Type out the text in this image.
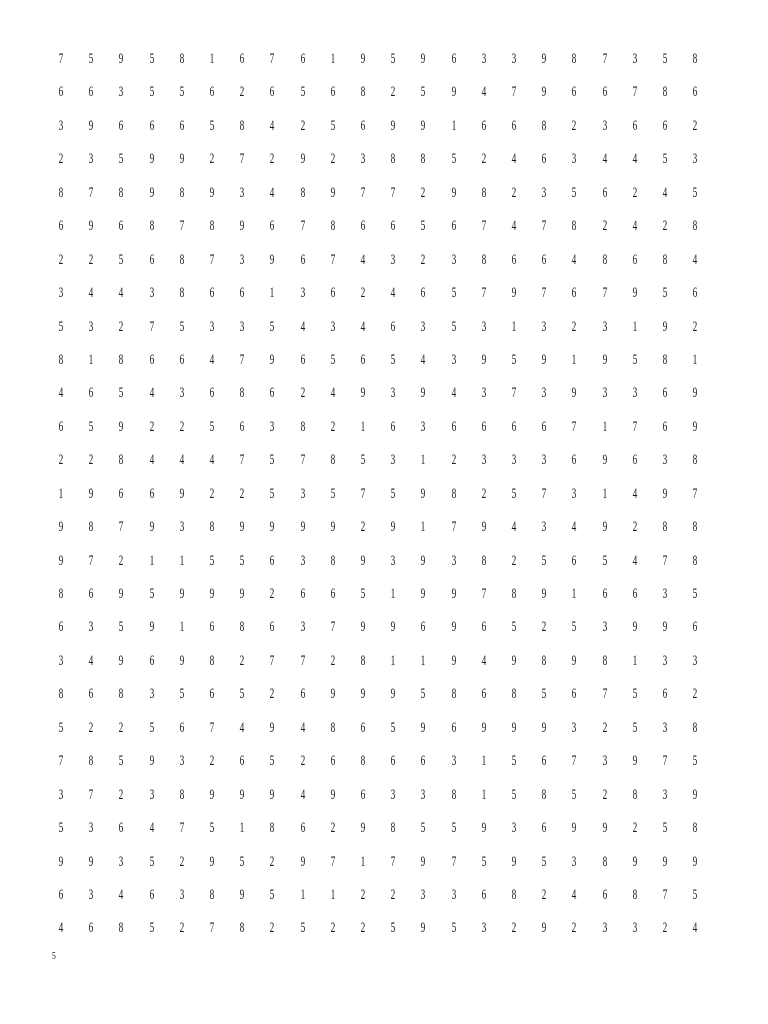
7	5	9	5	8	1	6	7	6	1	9	5	9	6	3	3	9	8	7	3	5	8
6	6	3	5	5	6	2	6	5	6	8	2	5	9	4	7	9	6	6	7	8	6
3	9	6	6	6	5	8	4	2	5	6	9	9	1	6	6	8	2	3	6	6	2
2	3	5	9	9	2	7	2	9	2	3	8	8	5	2	4	6	3	4	4	5	3
8	7	8	9	8	9	3	4	8	9	7	7	2	9	8	2	3	5	6	2	4	5
6	9	6	8	7	8	9	6	7	8	6	6	5	6	7	4	7	8	2	4	2	8
2	2	5	6	8	7	3	9	6	7	4	3	2	3	8	6	6	4	8	6	8	4
3	4	4	3	8	6	6	1	3	6	2	4	6	5	7	9	7	6	7	9	5	6
5	3	2	7	5	3	3	5	4	3	4	6	3	5	3	1	3	2	3	1	9	2
8	1	8	6	6	4	7	9	6	5	6	5	4	3	9	5	9	1	9	5	8	1
4	6	5	4	3	6	8	6	2	4	9	3	9	4	3	7	3	9	3	3	6	9
6	5	9	2	2	5	6	3	8	2	1	6	3	6	6	6	6	7	1	7	6	9
2	2	8	4	4	4	7	5	7	8	5	3	1	2	3	3	3	6	9	6	3	8
1	9	6	6	9	2	2	5	3	5	7	5	9	8	2	5	7	3	1	4	9	7
9	8	7	9	3	8	9	9	9	9	2	9	1	7	9	4	3	4	9	2	8	8
9	7	2	1	1	5	5	6	3	8	9	3	9	3	8	2	5	6	5	4	7	8
8	6	9	5	9	9	9	2	6	6	5	1	9	9	7	8	9	1	6	6	3	5
6	3	5	9	1	6	8	6	3	7	9	9	6	9	6	5	2	5	3	9	9	6
3	4	9	6	9	8	2	7	7	2	8	1	1	9	4	9	8	9	8	1	3	3
8	6	8	3	5	6	5	2	6	9	9	9	5	8	6	8	5	6	7	5	6	2
5	2	2	5	6	7	4	9	4	8	6	5	9	6	9	9	9	3	2	5	3	8
7	8	5	9	3	2	6	5	2	6	8	6	6	3	1	5	6	7	3	9	7	5
3	7	2	3	8	9	9	9	4	9	6	3	3	8	1	5	8	5	2	8	3	9
5	3	6	4	7	5	1	8	6	2	9	8	5	5	9	3	6	9	9	2	5	8
9	9	3	5	2	9	5	2	9	7	1	7	9	7	5	9	5	3	8	9	9	9
6	3	4	6	3	8	9	5	1	1	2	2	3	3	6	8	2	4	6	8	7	5
4	6	8	5	2	7	8	2	5	2	2	5	9	5	3	2	9	2	3	3	2	4
5
